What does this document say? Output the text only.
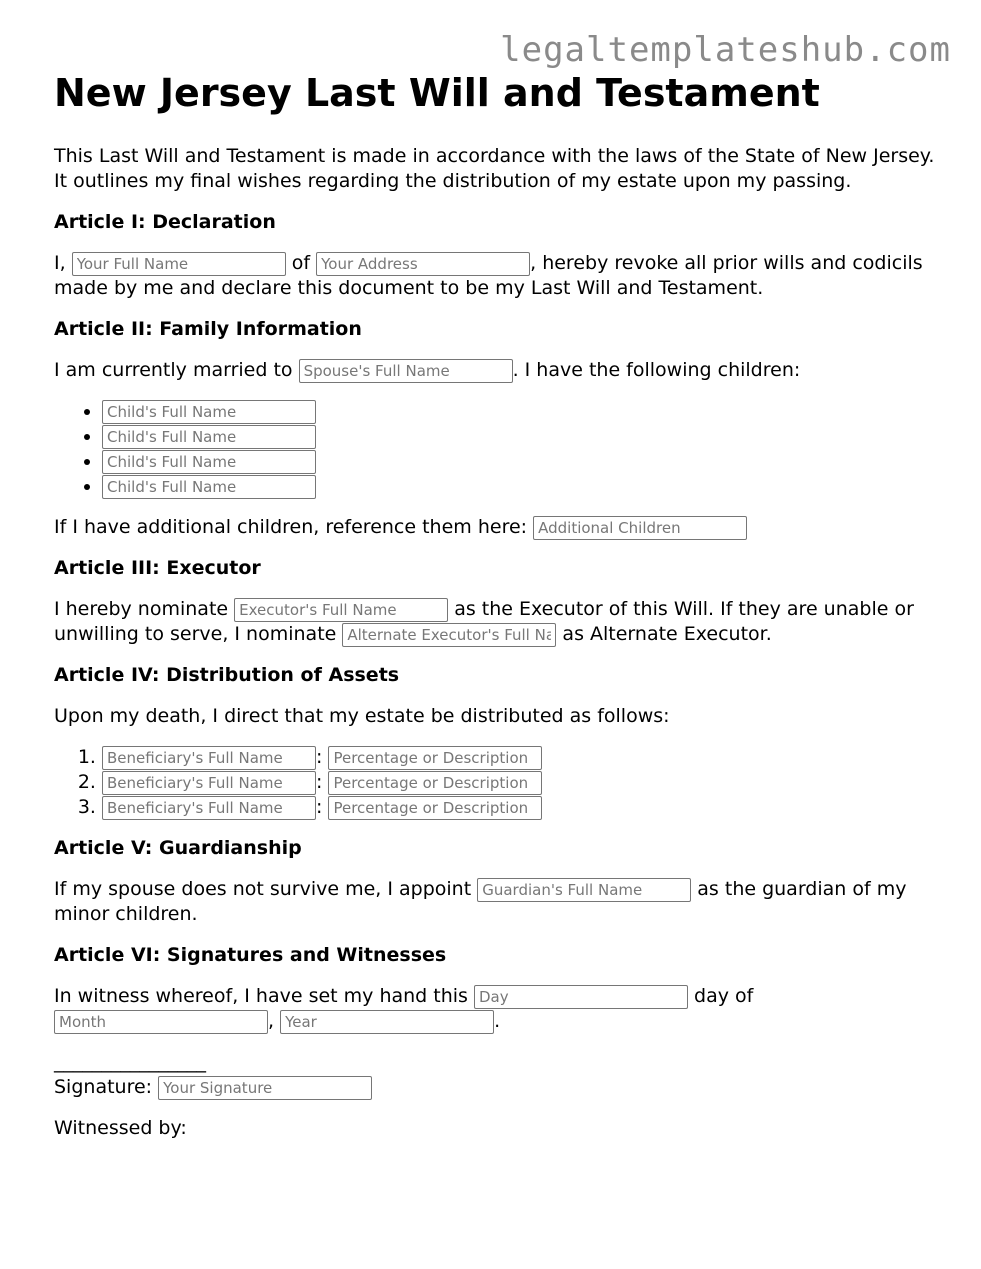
legaltemplateshub.com
New Jersey Last Will and Testament

This Last Will and Testament is made in accordance with the laws of the State of New Jersey. It outlines my final wishes regarding the distribution of my estate upon my passing.

Article I: Declaration

I, Your Full Name	of Your Address	, hereby revoke all prior wills and codicils made by me and declare this document to be my Last Will and Testament.

Article II: Family Information

I am currently married to Spouse's Full Name	. I have the following children:

• Child's Full Name
• Child's Full Name
• Child's Full Name
• Child's Full Name

If I have additional children, reference them here: Additional Children

Article III: Executor

I hereby nominate Executor's Full Name	as the Executor of this Will. If they are unable or unwilling to serve, I nominate Alternate Executor's Full Name	as Alternate Executor.

Article IV: Distribution of Assets

Upon my death, I direct that my estate be distributed as follows:

Beneficiary's Full Name 1. : Percentage or Description
Beneficiary's Full Name 2. : Percentage or Description
Beneficiary's Full Name 3. : Percentage or Description
Article V: Guardianship

If my spouse does not survive me, I appoint Guardian's Full Name	as the guardian of my minor children.

Article VI: Signatures and Witnesses

In witness whereof, I have set my hand this Day	day of
Month, Year	.

________________

Signature: Your Signature

Witnessed by:
